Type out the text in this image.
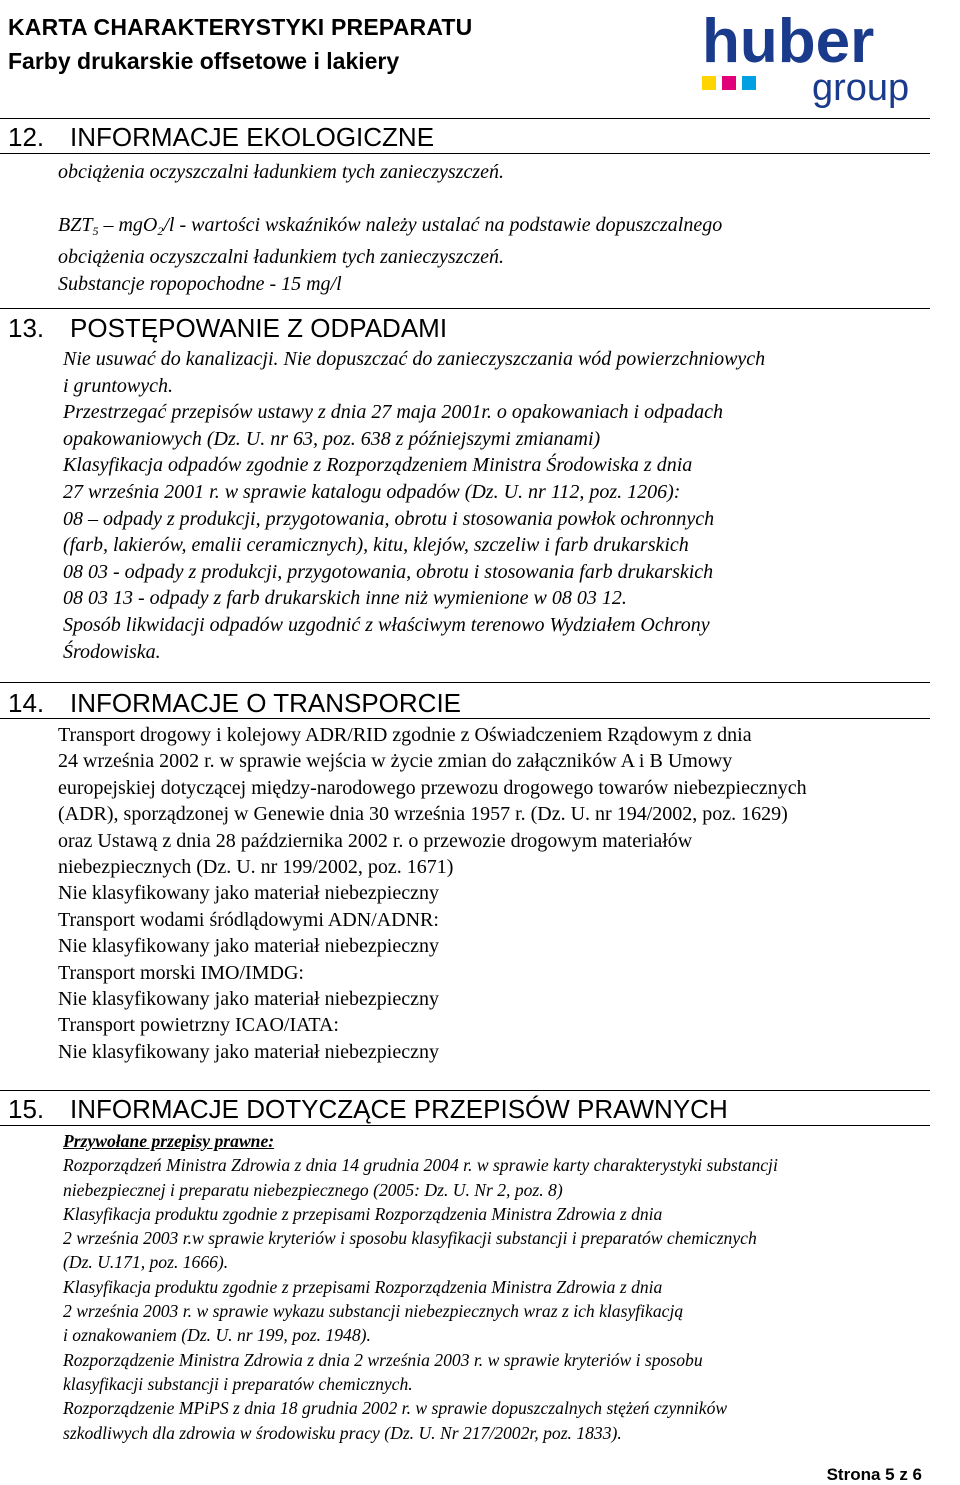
KARTA CHARAKTERYSTYKI PREPARATU
Farby drukarskie offsetowe i lakiery	huber
group
12. INFORMACJE EKOLOGICZNE

obciążenia oczyszczalni ładunkiem tych zanieczyszczeń.

$BZT_5 - mgO_2/l$ - wartości wskaźników należy ustalać na podstawie dopuszczalnego

obciążenia oczyszczalni ładunkiem tych zanieczyszczeń.

Substancje ropopochodne - 15 mg/l

13. POSTĘPOWANIE Z ODPADAMI

Nie usuwać do kanalizacji. Nie dopuszczać do zanieczyszczania wód powierzchniowych

i gruntowych.

Przestrzegać przepisów ustawy z dnia 27 maja 2001r. o opakowaniach i odpadach

opakowaniowych (Dz. U. nr 63, poz. 638 z późniejszymi zmianami)

Klasyfikacja odpadów zgodnie z Rozporządzeniem Ministra Środowiska z dnia

27 września 2001 r. w sprawie katalogu odpadów (Dz. U. nr 112, poz. 1206):

08 – odpady z produkcji, przygotowania, obrotu i stosowania powłok ochronnych

(farb, lakierów, emalii ceramicznych), kitu, klejów, szczeliw i farb drukarskich

08 03 - odpady z produkcji, przygotowania, obrotu i stosowania farb drukarskich

08 03 13 - odpady z farb drukarskich inne niż wymienione w 08 03 12.

Sposób likwidacji odpadów uzgodnić z właściwym terenowo Wydziałem Ochrony

Środowiska.

14. INFORMACJE O TRANSPORCIE
Transport drogowy i kolejowy ADR/RID zgodnie z Oświadczeniem Rządowym z dnia
24 września 2002 r. w sprawie wejścia w życie zmian do załączników A i B Umowy
europejskiej dotyczącej między-narodowego przewozu drogowego towarów niebezpiecznych
(ADR), sporządzonej w Genewie dnia 30 września 1957 r. (Dz. U. nr 194/2002, poz. 1629)
oraz Ustawą z dnia 28 października 2002 r. o przewozie drogowym materiałów
niebezpiecznych (Dz. U. nr 199/2002, poz. 1671)
Nie klasyfikowany jako materiał niebezpieczny
Transport wodami śródlądowymi ADN/ADNR:
Nie klasyfikowany jako materiał niebezpieczny
Transport morski IMO/IMDG:
Nie klasyfikowany jako materiał niebezpieczny
Transport powietrzny ICAO/IATA:
Nie klasyfikowany jako materiał niebezpieczny
15. INFORMACJE DOTYCZĄCE PRZEPISÓW PRAWNYCH

Przywołane przepisy prawne:

Rozporządzeń Ministra Zdrowia z dnia 14 grudnia 2004 r. w sprawie karty charakterystyki substancji

niebezpiecznej i preparatu niebezpiecznego (2005: Dz. U. Nr 2, poz. 8)

Klasyfikacja produktu zgodnie z przepisami Rozporządzenia Ministra Zdrowia z dnia

2 września 2003 r.w sprawie kryteriów i sposobu klasyfikacji substancji i preparatów chemicznych

(Dz. U.171, poz. 1666).

Klasyfikacja produktu zgodnie z przepisami Rozporządzenia Ministra Zdrowia z dnia

2 września 2003 r. w sprawie wykazu substancji niebezpiecznych wraz z ich klasyfikacją

i oznakowaniem (Dz. U. nr 199, poz. 1948).

Rozporządzenie Ministra Zdrowia z dnia 2 września 2003 r. w sprawie kryteriów i sposobu

klasyfikacji substancji i preparatów chemicznych.

Rozporządzenie MPiPS z dnia 18 grudnia 2002 r. w sprawie dopuszczalnych stężeń czynników

szkodliwych dla zdrowia w środowisku pracy (Dz. U. Nr 217/2002r, poz. 1833).

Strona 5 z 6
